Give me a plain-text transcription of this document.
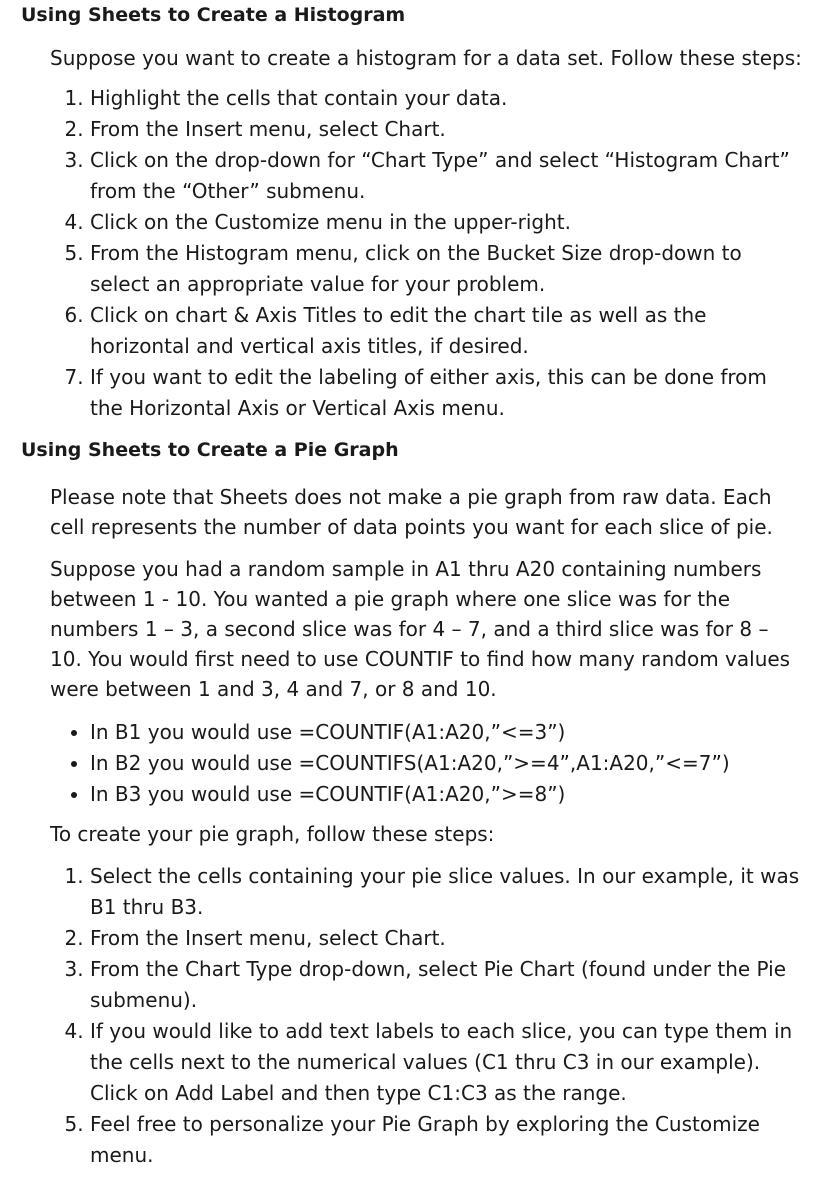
Using Sheets to Create a Histogram

Suppose you want to create a histogram for a data set. Follow these steps:

1. Highlight the cells that contain your data.
2. From the Insert menu, select Chart.
3. Click on the drop-down for “Chart Type” and select “Histogram Chart” from the “Other” submenu.
4. Click on the Customize menu in the upper-right.
5. From the Histogram menu, click on the Bucket Size drop-down to select an appropriate value for your problem.
6. Click on chart & Axis Titles to edit the chart tile as well as the horizontal and vertical axis titles, if desired.
7. If you want to edit the labeling of either axis, this can be done from the Horizontal Axis or Vertical Axis menu.
Using Sheets to Create a Pie Graph

Please note that Sheets does not make a pie graph from raw data. Each cell represents the number of data points you want for each slice of pie.

Suppose you had a random sample in A1 thru A20 containing numbers between 1 - 10. You wanted a pie graph where one slice was for the numbers 1 – 3, a second slice was for 4 – 7, and a third slice was for 8 – 10. You would first need to use COUNTIF to find how many random values were between 1 and 3, 4 and 7, or 8 and 10.

• In B1 you would use =COUNTIF(A1:A20,”<=3”)
• In B2 you would use =COUNTIFS(A1:A20,”>=4”,A1:A20,”<=7”)
• In B3 you would use =COUNTIF(A1:A20,”>=8”)

To create your pie graph, follow these steps:

1. Select the cells containing your pie slice values. In our example, it was B1 thru B3.
2. From the Insert menu, select Chart.
3. From the Chart Type drop-down, select Pie Chart (found under the Pie submenu).
4. If you would like to add text labels to each slice, you can type them in the cells next to the numerical values (C1 thru C3 in our example). Click on Add Label and then type C1:C3 as the range.
5. Feel free to personalize your Pie Graph by exploring the Customize menu.
